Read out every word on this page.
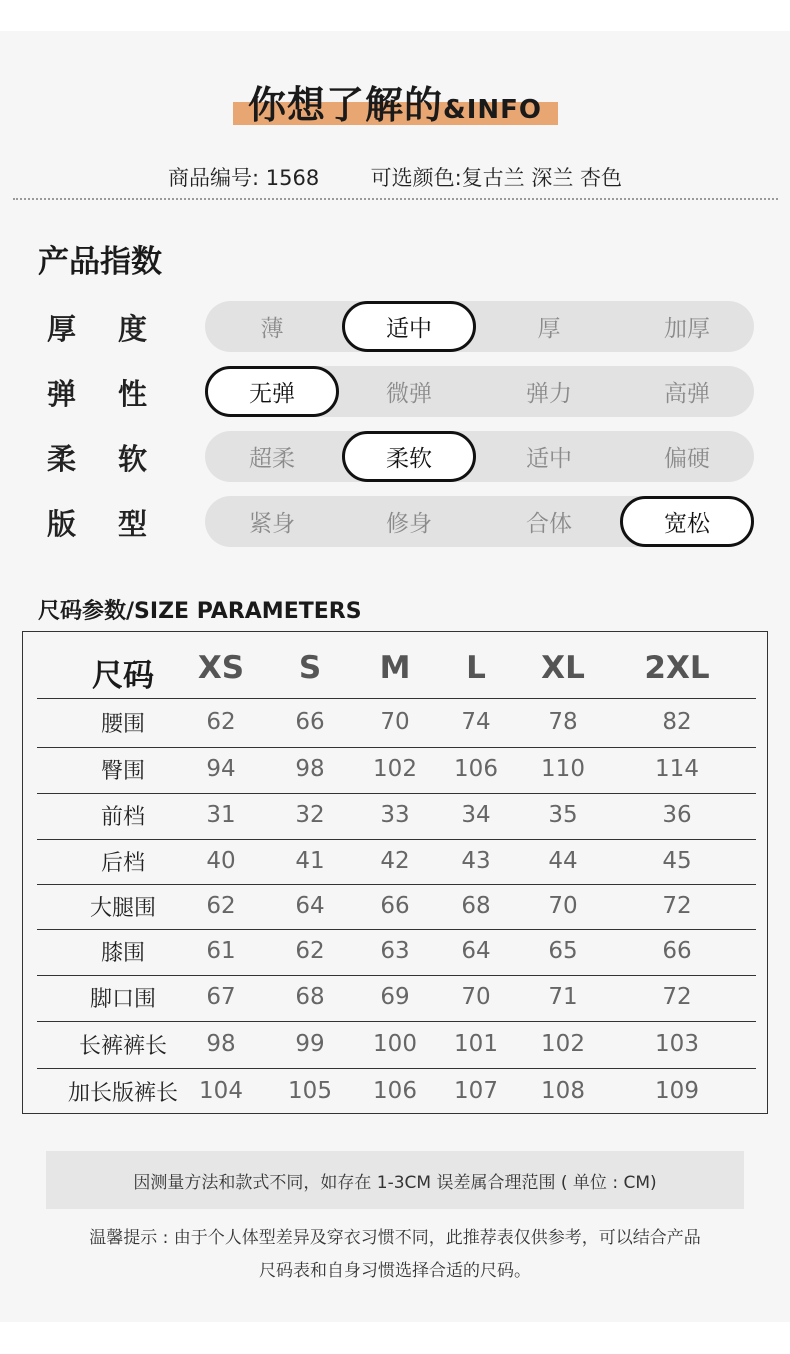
你想了解的&INFO
商品编号: 1568 可选颜色:复古兰 深兰 杏色
产品指数
厚 度	薄	适中	厚	加厚
弹 性	无弹	微弹	弹力	高弹
柔 软	超柔	柔软	适中	偏硬
版 型	紧身	修身	合体	宽松
尺码参数/SIZE PARAMETERS
尺码 XS S M L XL 2XL
腰围	62	66 70 74	78	82
臀围	94	98 102 106 110	114
前档	31	32 33 34	35	36
后档	40	41 42 43	44	45
大腿围 62	64 66 68	70	72
膝围	61	62 63 64	65	66
脚口围 67	68 69 70	71	72
长裤裤长 98	99 100 101 102	103
加长版裤长 104 105 106 107 108	109
因测量方法和款式不同，如存在 1-3CM 误差属合理范围 ( 单位 : CM)
温馨提示 : 由于个人体型差异及穿衣习惯不同，此推荐表仅供参考，可以结合产品
尺码表和自身习惯选择合适的尺码。
